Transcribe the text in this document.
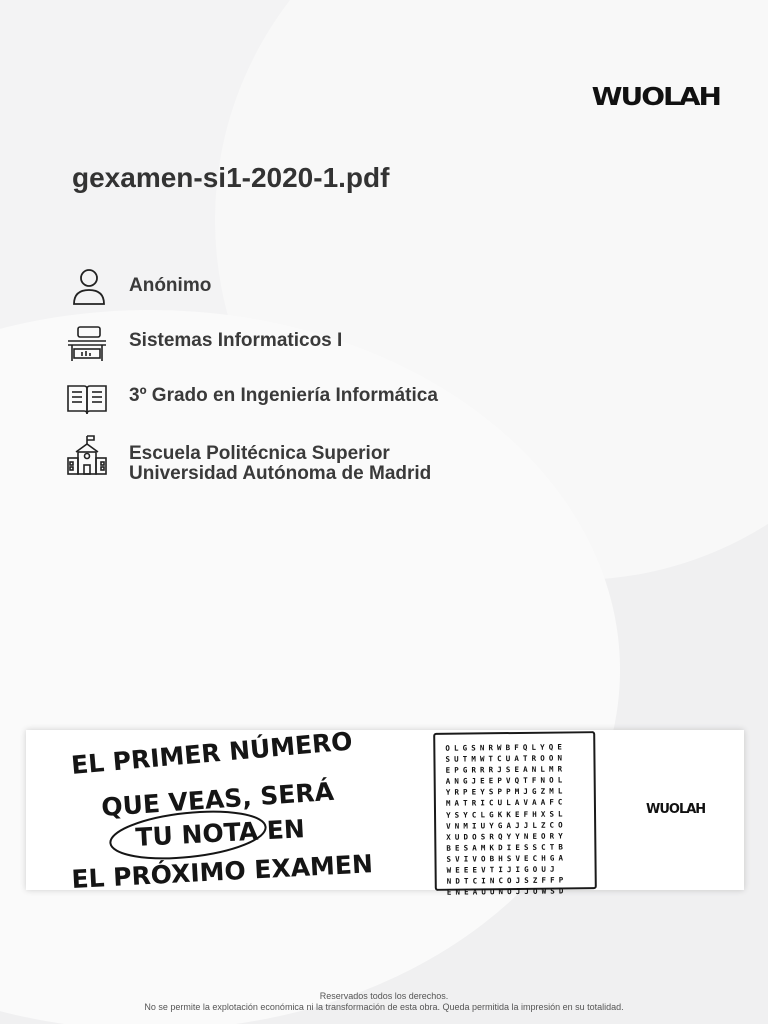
WUOLAH
gexamen-si1-2020-1.pdf
Anónimo
Sistemas Informaticos I
3º Grado en Ingeniería Informática
Escuela Politécnica Superior
Universidad Autónoma de Madrid
EL PRIMER NÚMERO
QUE VEAS, SERÁ
TU NOTA EN
EL PRÓXIMO EXAMEN
OLGSNRWBFQLYQE
SUTMWTCUATROON
EPGRRRJSEANLMR
ANGJEEPVQTFNOL
YRPEYSPPMJGZML
MATRICULAVAAFC
YSYCLGKKEFHXSL
VNMIUYGAJJLZCO
XUDOSRQYYNEORY
BESAMKDIESSCTB
SVIVOBHSVECHGA
WEEEVTIJIGOUJ
NDTCINCOJSZFFP
ENEAUUNOJJOWSD
WUOLAH
Reservados todos los derechos.
No se permite la explotación económica ni la transformación de esta obra. Queda permitida la impresión en su totalidad.
